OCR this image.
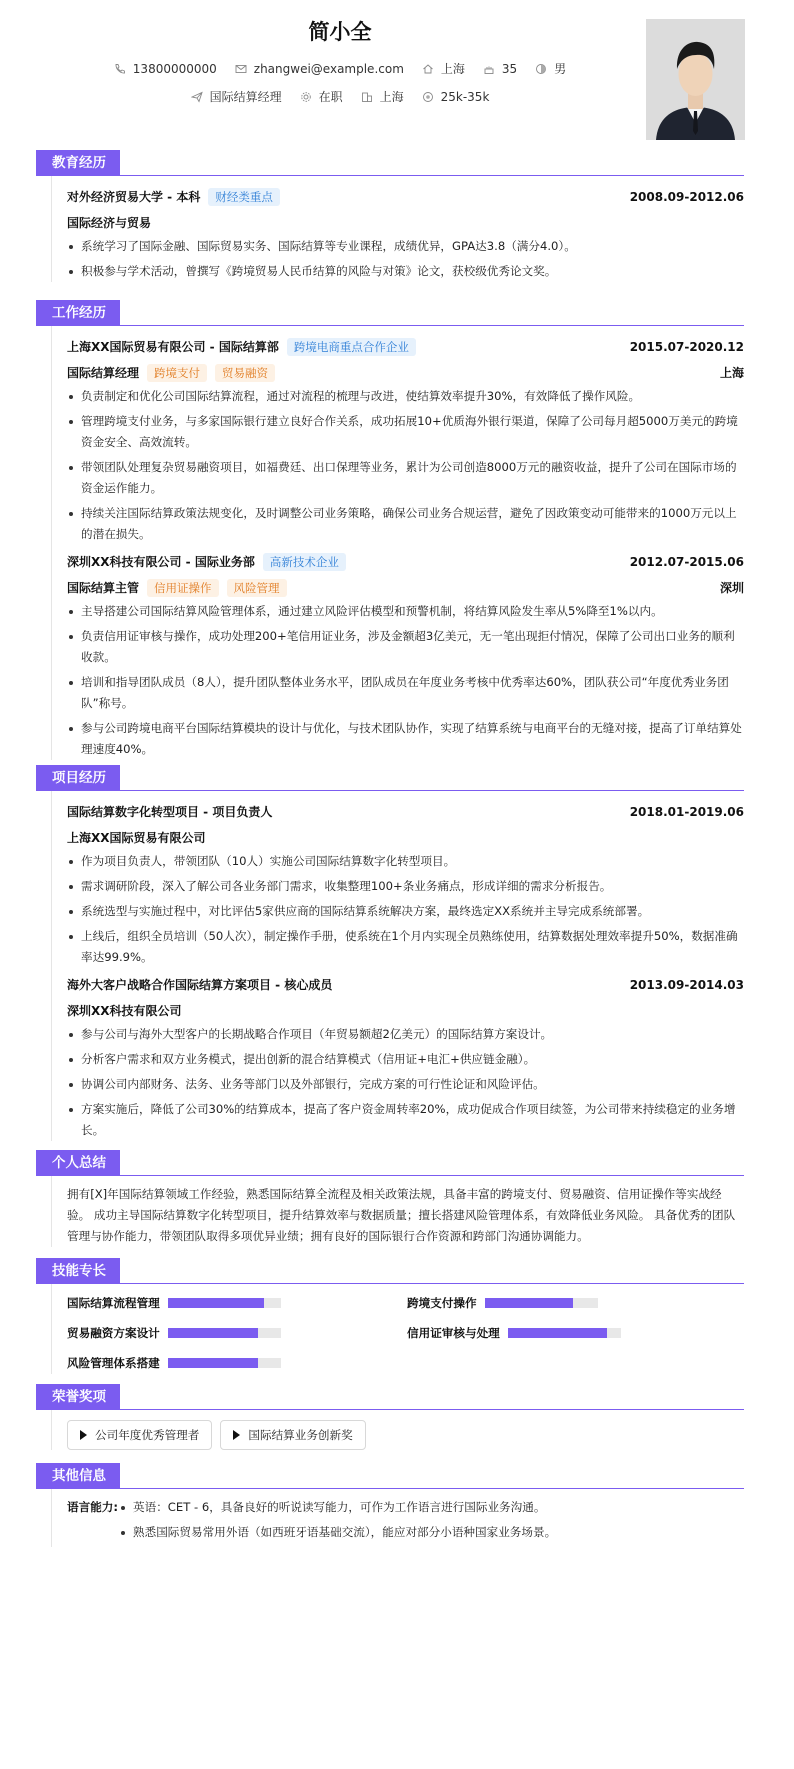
简小全
13800000000	zhangwei@example.com	上海	35	男
国际结算经理	在职	上海	25k-35k
教育经历
对外经济贸易大学 - 本科	财经类重点	2008.09-2012.06
国际经济与贸易
系统学习了国际金融、国际贸易实务、国际结算等专业课程，成绩优异，GPA达3.8（满分4.0）。
积极参与学术活动，曾撰写《跨境贸易人民币结算的风险与对策》论文，获校级优秀论文奖。
工作经历
上海XX国际贸易有限公司 - 国际结算部	跨境电商重点合作企业	2015.07-2020.12
国际结算经理	跨境支付	贸易融资	上海
负责制定和优化公司国际结算流程，通过对流程的梳理与改进，使结算效率提升30%，有效降低了操作风险。
管理跨境支付业务，与多家国际银行建立良好合作关系，成功拓展10+优质海外银行渠道，保障了公司每月超5000万美元的跨境资金安全、高效流转。
带领团队处理复杂贸易融资项目，如福费廷、出口保理等业务，累计为公司创造8000万元的融资收益，提升了公司在国际市场的资金运作能力。
持续关注国际结算政策法规变化，及时调整公司业务策略，确保公司业务合规运营，避免了因政策变动可能带来的1000万元以上的潜在损失。
深圳XX科技有限公司 - 国际业务部	高新技术企业	2012.07-2015.06
国际结算主管	信用证操作	风险管理	深圳
主导搭建公司国际结算风险管理体系，通过建立风险评估模型和预警机制，将结算风险发生率从5%降至1%以内。
负责信用证审核与操作，成功处理200+笔信用证业务，涉及金额超3亿美元，无一笔出现拒付情况，保障了公司出口业务的顺利收款。
培训和指导团队成员（8人），提升团队整体业务水平，团队成员在年度业务考核中优秀率达60%，团队获公司“年度优秀业务团队”称号。
参与公司跨境电商平台国际结算模块的设计与优化，与技术团队协作，实现了结算系统与电商平台的无缝对接，提高了订单结算处理速度40%。
项目经历
国际结算数字化转型项目 - 项目负责人	2018.01-2019.06
上海XX国际贸易有限公司
作为项目负责人，带领团队（10人）实施公司国际结算数字化转型项目。
需求调研阶段，深入了解公司各业务部门需求，收集整理100+条业务痛点，形成详细的需求分析报告。
系统选型与实施过程中，对比评估5家供应商的国际结算系统解决方案，最终选定XX系统并主导完成系统部署。
上线后，组织全员培训（50人次），制定操作手册，使系统在1个月内实现全员熟练使用，结算数据处理效率提升50%，数据准确率达99.9%。
海外大客户战略合作国际结算方案项目 - 核心成员	2013.09-2014.03
深圳XX科技有限公司
参与公司与海外大型客户的长期战略合作项目（年贸易额超2亿美元）的国际结算方案设计。
分析客户需求和双方业务模式，提出创新的混合结算模式（信用证+电汇+供应链金融）。
协调公司内部财务、法务、业务等部门以及外部银行，完成方案的可行性论证和风险评估。
方案实施后，降低了公司30%的结算成本，提高了客户资金周转率20%，成功促成合作项目续签，为公司带来持续稳定的业务增长。
个人总结
拥有[X]年国际结算领域工作经验，熟悉国际结算全流程及相关政策法规，具备丰富的跨境支付、贸易融资、信用证操作等实战经验。 成功主导国际结算数字化转型项目，提升结算效率与数据质量；擅长搭建风险管理体系，有效降低业务风险。 具备优秀的团队管理与协作能力，带领团队取得多项优异业绩；拥有良好的国际银行合作资源和跨部门沟通协调能力。
技能专长
国际结算流程管理	跨境支付操作
贸易融资方案设计	信用证审核与处理
风险管理体系搭建
荣誉奖项
公司年度优秀管理者	国际结算业务创新奖
其他信息
语言能力:	英语：CET - 6，具备良好的听说读写能力，可作为工作语言进行国际业务沟通。
熟悉国际贸易常用外语（如西班牙语基础交流），能应对部分小语种国家业务场景。
